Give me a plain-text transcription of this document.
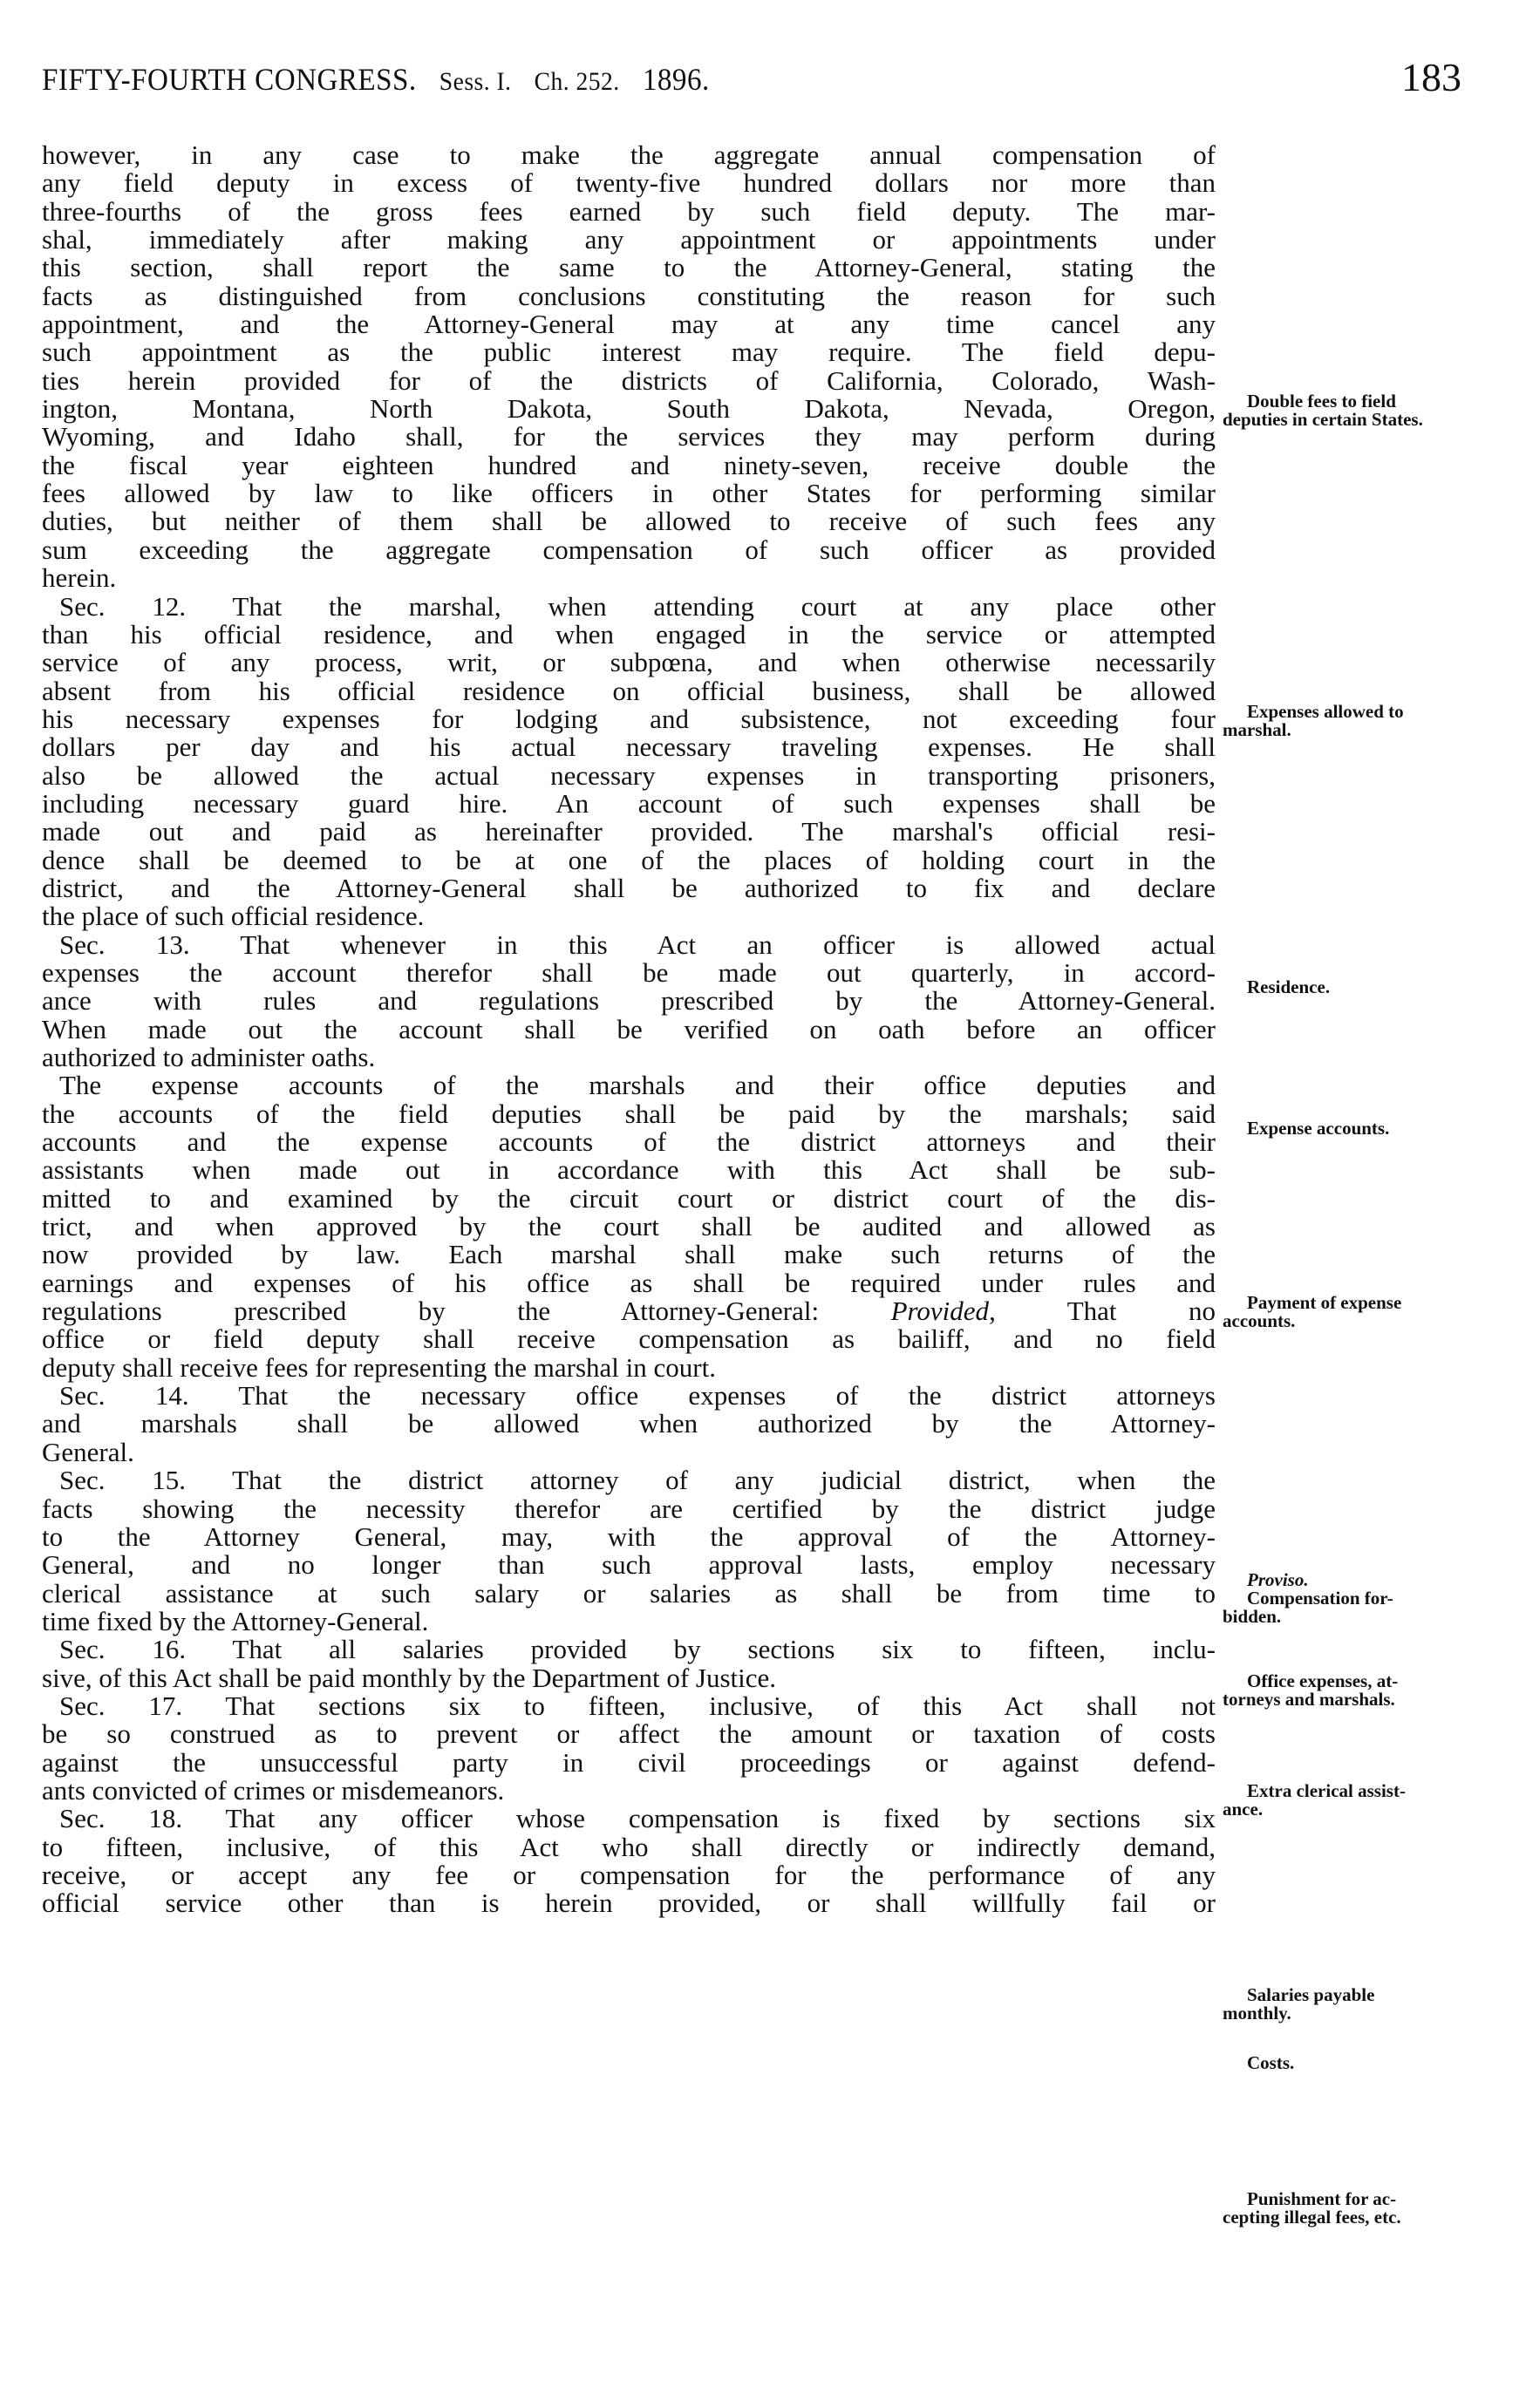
FIFTY-FOURTH CONGRESS. Sess. I. Ch. 252. 1896.	183
however, in any case to make the aggregate annual compensation of
any field deputy in excess of twenty-five hundred dollars nor more than
three-fourths of the gross fees earned by such field deputy. The mar-
shal, immediately after making any appointment or appointments under
this section, shall report the same to the Attorney-General, stating the
facts as distinguished from conclusions constituting the reason for such
appointment, and the Attorney-General may at any time cancel any
such appointment as the public interest may require. The field depu-
ties herein provided for of the districts of California, Colorado, Wash-
ington, Montana, North Dakota, South Dakota, Nevada, Oregon,
Wyoming, and Idaho shall, for the services they may perform during
the fiscal year eighteen hundred and ninety-seven, receive double the
fees allowed by law to like officers in other States for performing similar
duties, but neither of them shall be allowed to receive of such fees any
sum exceeding the aggregate compensation of such officer as provided
herein.
Sec. 12. That the marshal, when attending court at any place other
than his official residence, and when engaged in the service or attempted
service of any process, writ, or subpœna, and when otherwise necessarily
absent from his official residence on official business, shall be allowed
his necessary expenses for lodging and subsistence, not exceeding four
dollars per day and his actual necessary traveling expenses. He shall
also be allowed the actual necessary expenses in transporting prisoners,
including necessary guard hire. An account of such expenses shall be
made out and paid as hereinafter provided. The marshal's official resi-
dence shall be deemed to be at one of the places of holding court in the
district, and the Attorney-General shall be authorized to fix and declare
the place of such official residence.
Sec. 13. That whenever in this Act an officer is allowed actual
expenses the account therefor shall be made out quarterly, in accord-
ance with rules and regulations prescribed by the Attorney-General.
When made out the account shall be verified on oath before an officer
authorized to administer oaths.
The expense accounts of the marshals and their office deputies and
the accounts of the field deputies shall be paid by the marshals; said
accounts and the expense accounts of the district attorneys and their
assistants when made out in accordance with this Act shall be sub-
mitted to and examined by the circuit court or district court of the dis-
trict, and when approved by the court shall be audited and allowed as
now provided by law. Each marshal shall make such returns of the
earnings and expenses of his office as shall be required under rules and
regulations prescribed by the Attorney-General: Provided, That no
office or field deputy shall receive compensation as bailiff, and no field
deputy shall receive fees for representing the marshal in court.
Sec. 14. That the necessary office expenses of the district attorneys
and marshals shall be allowed when authorized by the Attorney-
General.
Sec. 15. That the district attorney of any judicial district, when the
facts showing the necessity therefor are certified by the district judge
to the Attorney General, may, with the approval of the Attorney-
General, and no longer than such approval lasts, employ necessary
clerical assistance at such salary or salaries as shall be from time to
time fixed by the Attorney-General.
Sec. 16. That all salaries provided by sections six to fifteen, inclu-
sive, of this Act shall be paid monthly by the Department of Justice.
Sec. 17. That sections six to fifteen, inclusive, of this Act shall not
be so construed as to prevent or affect the amount or taxation of costs
against the unsuccessful party in civil proceedings or against defend-
ants convicted of crimes or misdemeanors.
Sec. 18. That any officer whose compensation is fixed by sections six
to fifteen, inclusive, of this Act who shall directly or indirectly demand,
receive, or accept any fee or compensation for the performance of any
official service other than is herein provided, or shall willfully fail or
Double fees to field
deputies in certain States.
Expenses allowed to
marshal.
Residence.
Expense accounts.
Payment of expense
accounts.
Proviso.
Compensation for-
bidden.
Office expenses, at-
torneys and marshals.
Extra clerical assist-
ance.
Salaries payable
monthly.
Costs.
Punishment for ac-
cepting illegal fees, etc.
